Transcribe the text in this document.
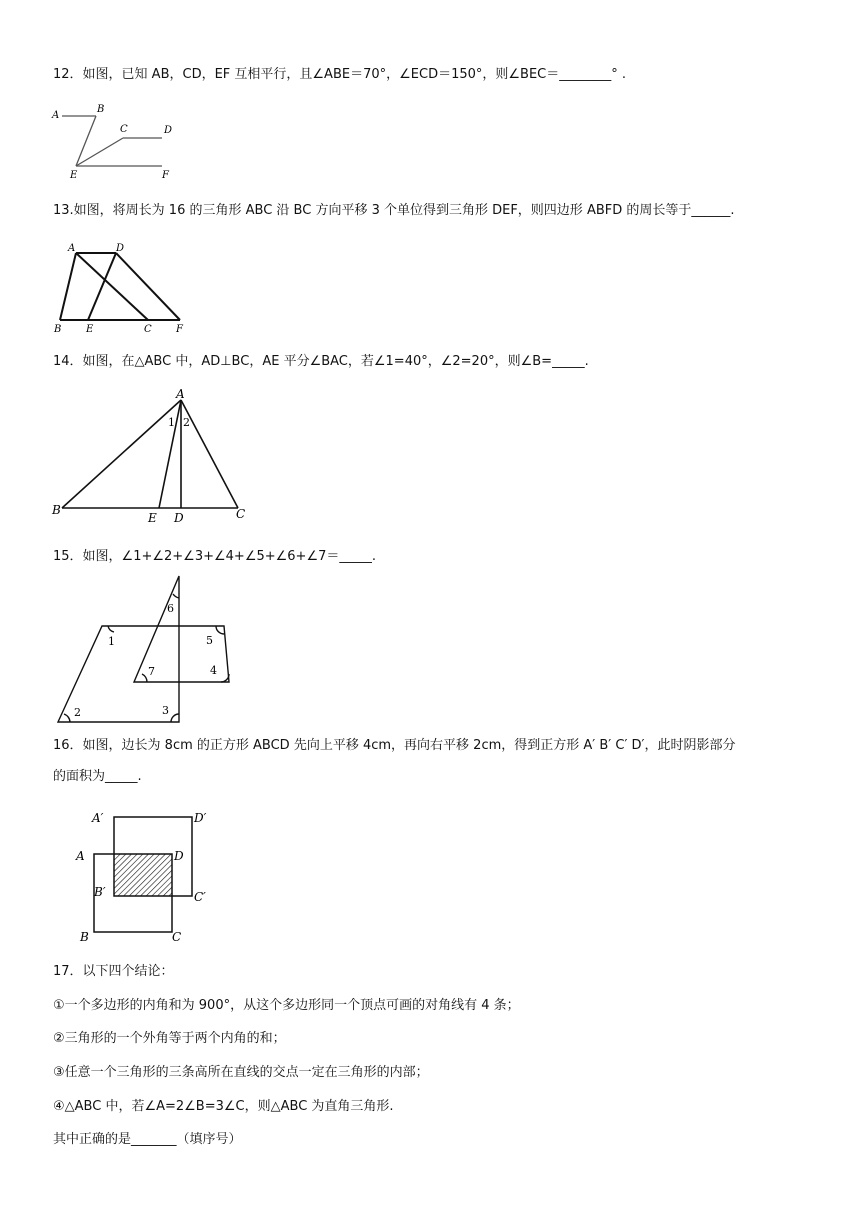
12．如图，已知 AB，CD，EF 互相平行，且∠ABE＝70°，∠ECD＝150°，则∠BEC＝________° .
A
B
C	D
E	F
13.如图，将周长为 16 的三角形 ABC 沿 BC 方向平移 3 个单位得到三角形 DEF，则四边形 ABFD 的周长等于______.
A	D
B E	C F
14．如图，在△ABC 中，AD⊥BC，AE 平分∠BAC，若∠1=40°，∠2=20°，则∠B=_____.
A
B	C
D
E
1 2
15．如图，∠1+∠2+∠3+∠4+∠5+∠6+∠7＝_____.
1
2	3
4
5
6
7
16．如图，边长为 8cm 的正方形 ABCD 先向上平移 4cm，再向右平移 2cm，得到正方形 A′ B′ C′ D′，此时阴影部分
的面积为_____.
A′	D′
A	D
B′	C′
B	C
17．以下四个结论：
①一个多边形的内角和为 900°，从这个多边形同一个顶点可画的对角线有 4 条；
②三角形的一个外角等于两个内角的和；
③任意一个三角形的三条高所在直线的交点一定在三角形的内部；
④△ABC 中，若∠A=2∠B=3∠C，则△ABC 为直角三角形.
其中正确的是_______（填序号）
